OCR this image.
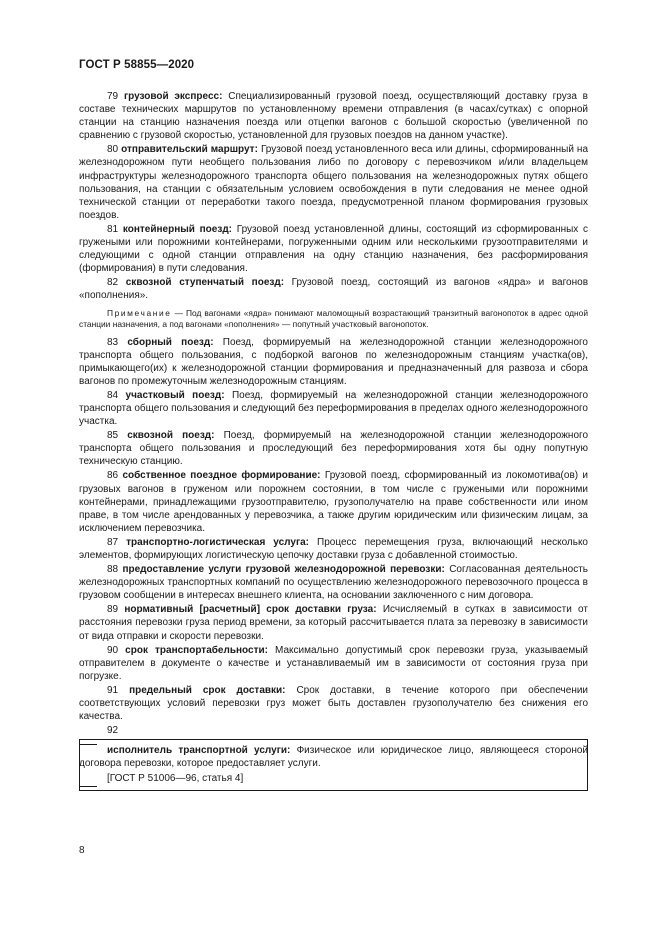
ГОСТ Р 58855—2020

79 грузовой экспресс: Специализированный грузовой поезд, осуществляющий доставку груза в составе технических маршрутов по установленному времени отправления (в часах/сутках) с опорной станции на станцию назначения поезда или отцепки вагонов с большой скоростью (увеличенной по сравнению с грузовой скоростью, установленной для грузовых поездов на данном участке).

80 отправительский маршрут: Грузовой поезд установленного веса или длины, сформированный на железнодорожном пути необщего пользования либо по договору с перевозчиком и/или владельцем инфраструктуры железнодорожного транспорта общего пользования на железнодорожных путях общего пользования, на станции с обязательным условием освобождения в пути следования не менее одной технической станции от переработки такого поезда, предусмотренной планом формирования грузовых поездов.

81 контейнерный поезд: Грузовой поезд установленной длины, состоящий из сформированных с гружеными или порожними контейнерами, погруженными одним или несколькими грузоотправителями и следующими с одной станции отправления на одну станцию назначения, без расформирования (формирования) в пути следования.

82 сквозной ступенчатый поезд: Грузовой поезд, состоящий из вагонов «ядра» и вагонов «пополнения».

Примечание — Под вагонами «ядра» понимают маломощный возрастающий транзитный вагонопоток в адрес одной станции назначения, а под вагонами «пополнения» — попутный участковый вагонопоток.

83 сборный поезд: Поезд, формируемый на железнодорожной станции железнодорожного транспорта общего пользования, с подборкой вагонов по железнодорожным станциям участка(ов), примыкающего(их) к железнодорожной станции формирования и предназначенный для развоза и сбора вагонов по промежуточным железнодорожным станциям.

84 участковый поезд: Поезд, формируемый на железнодорожной станции железнодорожного транспорта общего пользования и следующий без переформирования в пределах одного железнодорожного участка.

85 сквозной поезд: Поезд, формируемый на железнодорожной станции железнодорожного транспорта общего пользования и проследующий без переформирования хотя бы одну попутную техническую станцию.

86 собственное поездное формирование: Грузовой поезд, сформированный из локомотива(ов) и грузовых вагонов в груженом или порожнем состоянии, в том числе с гружеными или порожними контейнерами, принадлежащими грузоотправителю, грузополучателю на праве собственности или ином праве, в том числе арендованных у перевозчика, а также другим юридическим или физическим лицам, за исключением перевозчика.

87 транспортно-логистическая услуга: Процесс перемещения груза, включающий несколько элементов, формирующих логистическую цепочку доставки груза с добавленной стоимостью.

88 предоставление услуги грузовой железнодорожной перевозки: Согласованная деятельность железнодорожных транспортных компаний по осуществлению железнодорожного перевозочного процесса в грузовом сообщении в интересах внешнего клиента, на основании заключенного с ним договора.

89 нормативный [расчетный] срок доставки груза: Исчисляемый в сутках в зависимости от расстояния перевозки груза период времени, за который рассчитывается плата за перевозку в зависимости от вида отправки и скорости перевозки.

90 срок транспортабельности: Максимально допустимый срок перевозки груза, указываемый отправителем в документе о качестве и устанавливаемый им в зависимости от состояния груза при погрузке.

91 предельный срок доставки: Срок доставки, в течение которого при обеспечении соответствующих условий перевозки груз может быть доставлен грузополучателю без снижения его качества.

92

исполнитель транспортной услуги: Физическое или юридическое лицо, являющееся стороной договора перевозки, которое предоставляет услуги.

[ГОСТ Р 51006—96, статья 4]

8
